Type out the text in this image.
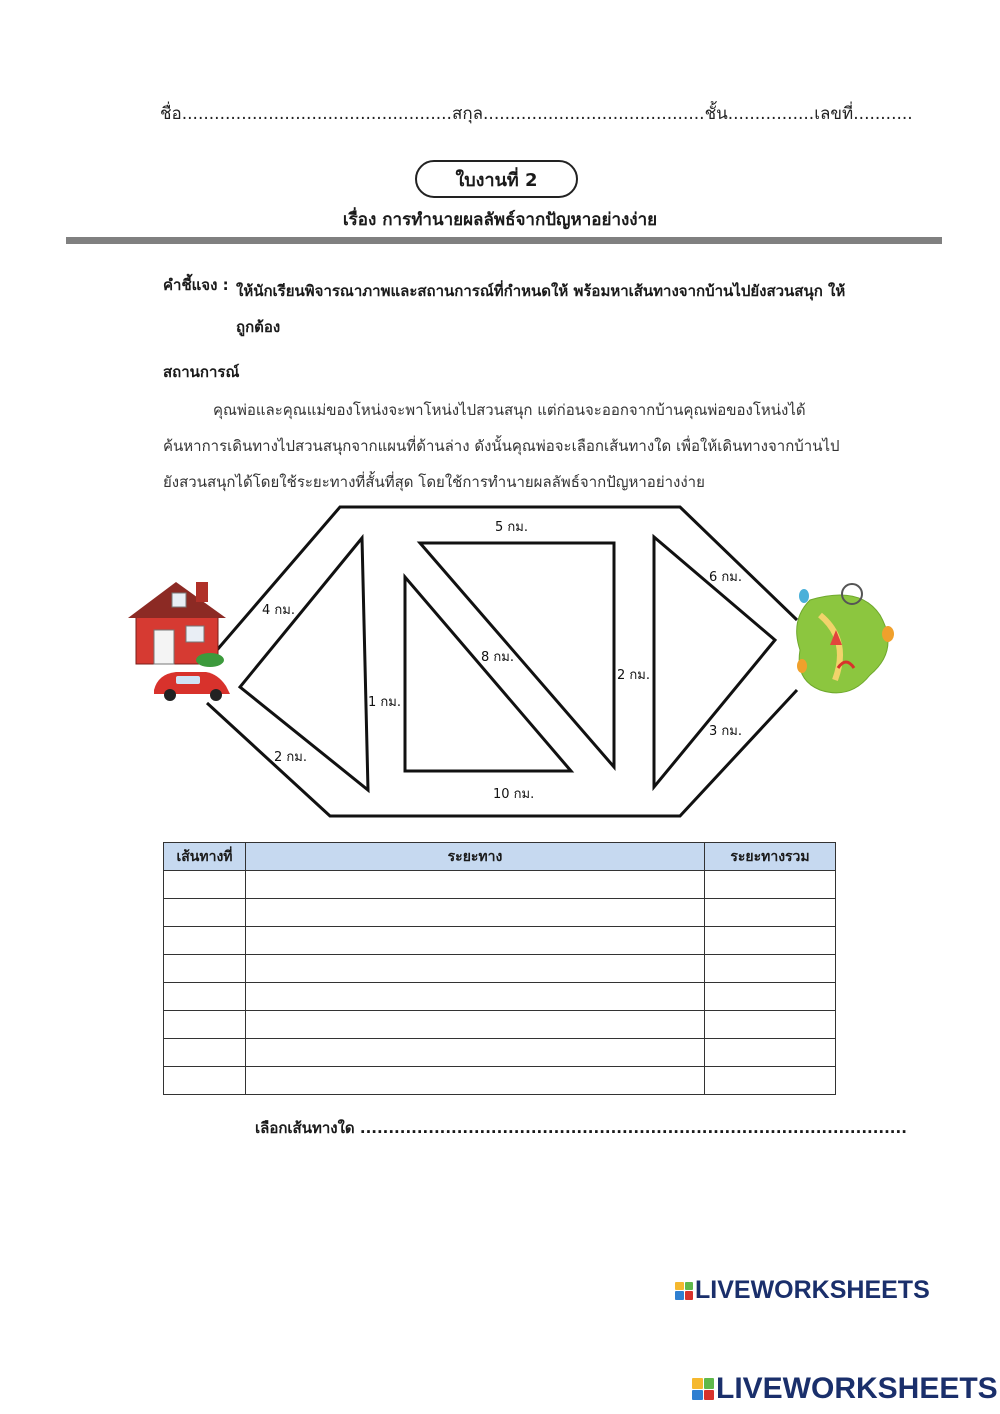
ชื่อ..................................................สกุล.........................................ชั้น................เลขที่...........
ใบงานที่ 2
เรื่อง การทำนายผลลัพธ์จากปัญหาอย่างง่าย
คำชี้แจง : ให้นักเรียนพิจารณาภาพและสถานการณ์ที่กำหนดให้ พร้อมหาเส้นทางจากบ้านไปยังสวนสนุก ให้ถูกต้อง
สถานการณ์
คุณพ่อและคุณแม่ของโหน่งจะพาโหน่งไปสวนสนุก แต่ก่อนจะออกจากบ้านคุณพ่อของโหน่งได้ค้นหาการเดินทางไปสวนสนุกจากแผนที่ด้านล่าง ดังนั้นคุณพ่อจะเลือกเส้นทางใด เพื่อให้เดินทางจากบ้านไปยังสวนสนุกได้โดยใช้ระยะทางที่สั้นที่สุด โดยใช้การทำนายผลลัพธ์จากปัญหาอย่างง่าย
4 กม.
2 กม.
1 กม.
5 กม.
8 กม.
10 กม.
2 กม.
6 กม.
3 กม.
เส้นทางที่	ระยะทาง	ระยะทางรวม

เลือกเส้นทางใด ................................................................................................
LIVEWORKSHEETS
LIVEWORKSHEETS
